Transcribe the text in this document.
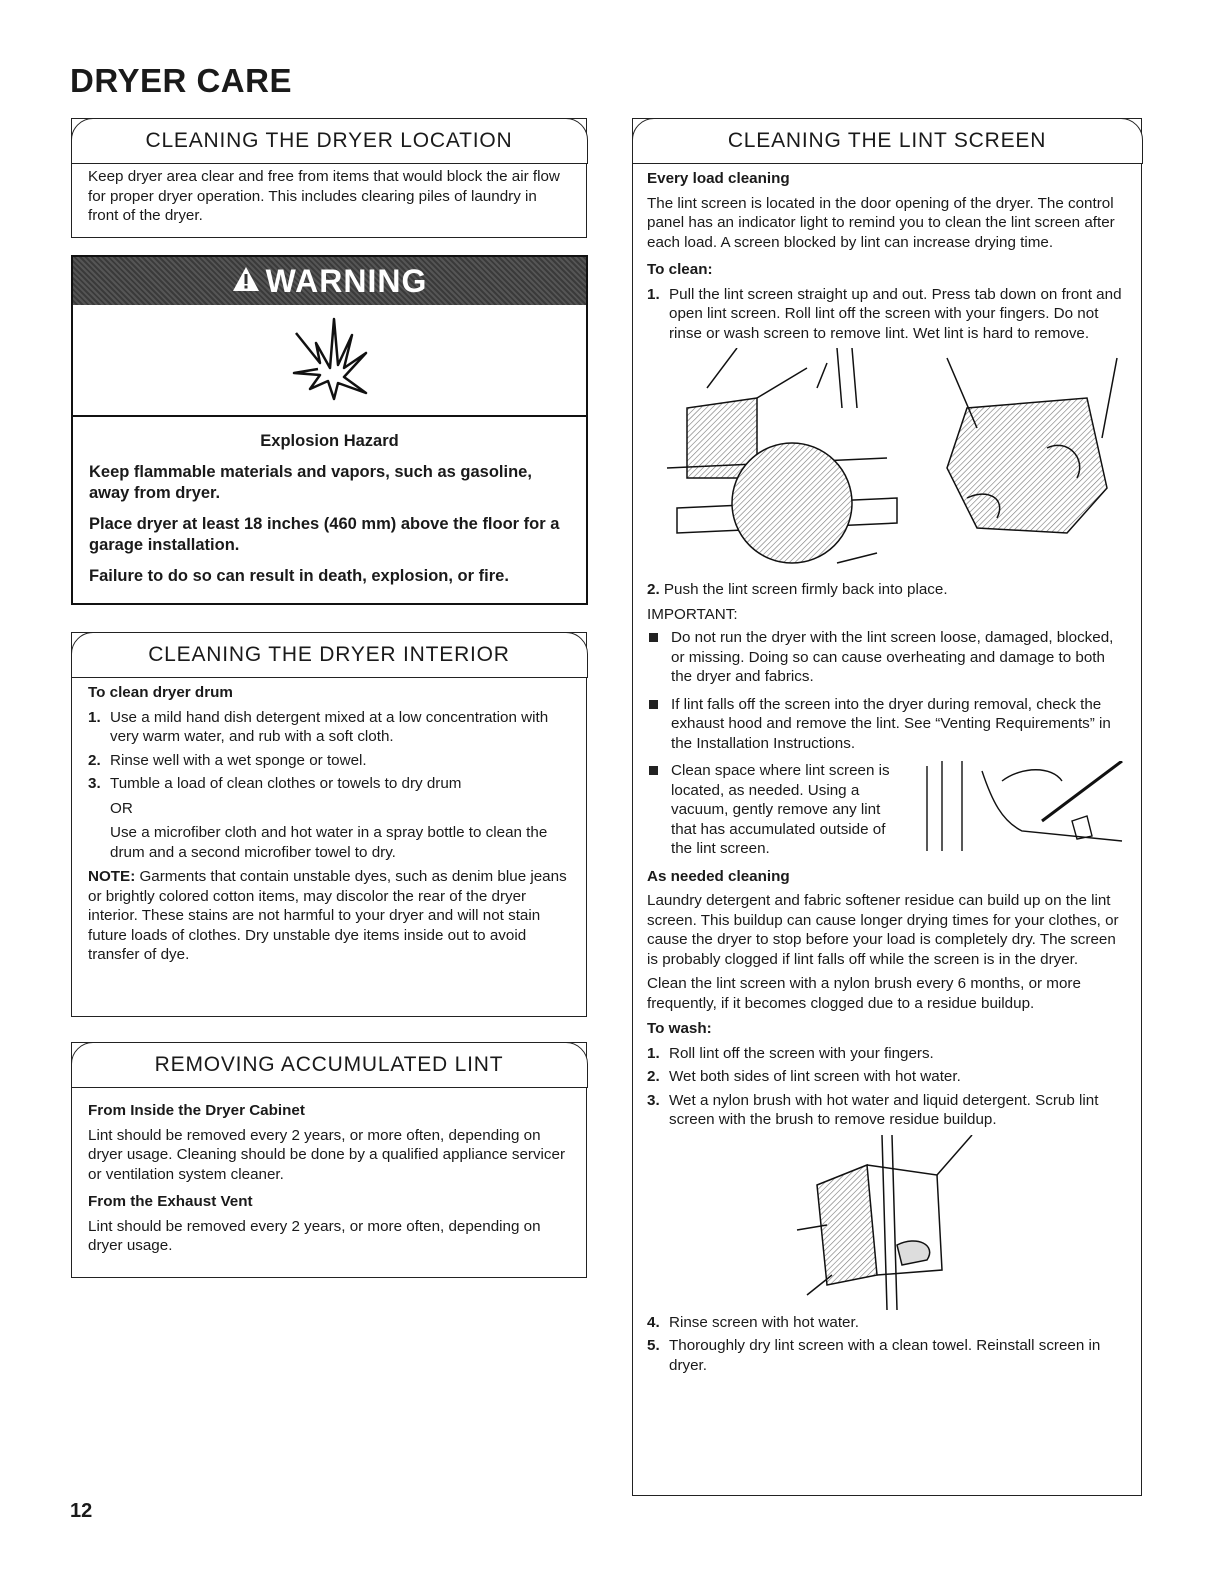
DRYER CARE
CLEANING THE DRYER LOCATION

Keep dryer area clear and free from items that would block the air flow for proper dryer operation. This includes clearing piles of laundry in front of the dryer.

WARNING

Explosion Hazard

Keep flammable materials and vapors, such as gasoline, away from dryer.

Place dryer at least 18 inches (460 mm) above the floor for a garage installation.

Failure to do so can result in death, explosion, or fire.

CLEANING THE DRYER INTERIOR

To clean dryer drum

1. Use a mild hand dish detergent mixed at a low concentration with very warm water, and rub with a soft cloth.
2. Rinse well with a wet sponge or towel.
3. Tumble a load of clean clothes or towels to dry drum

OR

Use a microfiber cloth and hot water in a spray bottle to clean the drum and a second microfiber towel to dry.

NOTE: Garments that contain unstable dyes, such as denim blue jeans or brightly colored cotton items, may discolor the rear of the dryer interior. These stains are not harmful to your dryer and will not stain future loads of clothes. Dry unstable dye items inside out to avoid transfer of dye.

REMOVING ACCUMULATED LINT

From Inside the Dryer Cabinet

Lint should be removed every 2 years, or more often, depending on dryer usage. Cleaning should be done by a qualified appliance servicer or ventilation system cleaner.

From the Exhaust Vent

Lint should be removed every 2 years, or more often, depending on dryer usage.

CLEANING THE LINT SCREEN

Every load cleaning

The lint screen is located in the door opening of the dryer. The control panel has an indicator light to remind you to clean the lint screen after each load. A screen blocked by lint can increase drying time.

To clean:

1. Pull the lint screen straight up and out. Press tab down on front and open lint screen. Roll lint off the screen with your fingers. Do not rinse or wash screen to remove lint. Wet lint is hard to remove.
2. Push the lint screen firmly back into place.

IMPORTANT:

Do not run the dryer with the lint screen loose, damaged, blocked, or missing. Doing so can cause overheating and damage to both the dryer and fabrics.
If lint falls off the screen into the dryer during removal, check the exhaust hood and remove the lint. See “Venting Requirements” in the Installation Instructions.
Clean space where lint screen is located, as needed. Using a vacuum, gently remove any lint that has accumulated outside of the lint screen.

As needed cleaning

Laundry detergent and fabric softener residue can build up on the lint screen. This buildup can cause longer drying times for your clothes, or cause the dryer to stop before your load is completely dry. The screen is probably clogged if lint falls off while the screen is in the dryer.

Clean the lint screen with a nylon brush every 6 months, or more frequently, if it becomes clogged due to a residue buildup.

To wash:

1. Roll lint off the screen with your fingers.
2. Wet both sides of lint screen with hot water.
3. Wet a nylon brush with hot water and liquid detergent. Scrub lint screen with the brush to remove residue buildup.
4. Rinse screen with hot water.
5. Thoroughly dry lint screen with a clean towel. Reinstall screen in dryer.
12
